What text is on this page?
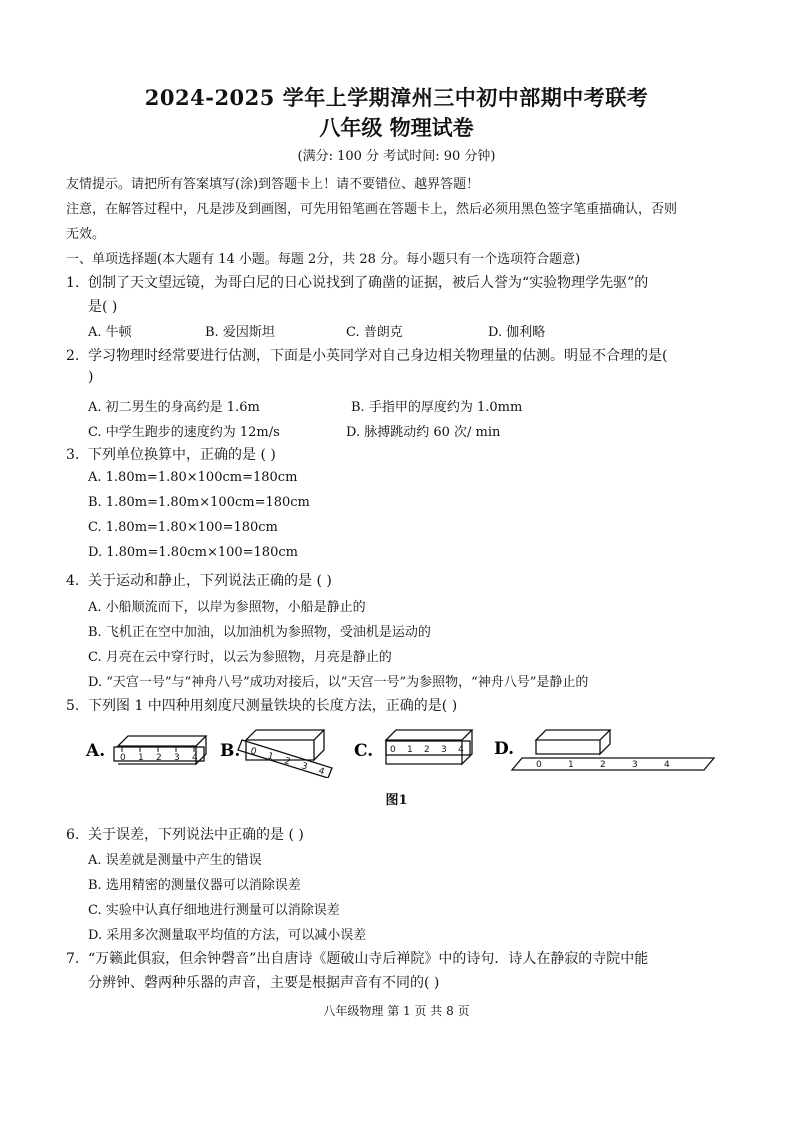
2024-2025 学年上学期漳州三中初中部期中考联考
八年级 物理试卷
(满分: 100 分 考试时间: 90 分钟)
友情提示。请把所有答案填写(涂)到答题卡上！请不要错位、越界答题！
注意，在解答过程中，凡是涉及到画图，可先用铅笔画在答题卡上，然后必须用黑色签字笔重描确认，否则
无效。
一、单项选择题(本大题有 14 小题。每题 2分，共 28 分。每小题只有一个选项符合题意)
1. 创制了天文望远镜，为哥白尼的日心说找到了确凿的证据，被后人誉为“实验物理学先驱”的
是( )
A. 牛顿	B. 爱因斯坦	C. 普朗克	D. 伽利略
2. 学习物理时经常要进行估测，下面是小英同学对自己身边相关物理量的估测。明显不合理的是(
)
A. 初二男生的身高约是 1.6m	B. 手指甲的厚度约为 1.0mm
C. 中学生跑步的速度约为 12m/s	D. 脉搏跳动约 60 次/ min
3. 下列单位换算中，正确的是 ( )
A. 1.80m=1.80×100cm=180cm
B. 1.80m=1.80m×100cm=180cm
C. 1.80m=1.80×100=180cm
D. 1.80m=1.80cm×100=180cm
4. 关于运动和静止，下列说法正确的是 ( )
A. 小船顺流而下，以岸为参照物，小船是静止的
B. 飞机正在空中加油，以加油机为参照物，受油机是运动的
C. 月亮在云中穿行时，以云为参照物，月亮是静止的
D. “天宫一号”与“神舟八号”成功对接后，以“天宫一号”为参照物，“神舟八号”是静止的
5. 下列图 1 中四种用刻度尺测量铁块的长度方法，正确的是( )
A. 0 1 2 3 4 B. 0 1 2 3 4
C. 0 1 2 3 4 D.
0	1	2	3	4
图1
6. 关于误差，下列说法中正确的是 ( )
A. 误差就是测量中产生的错误
B. 选用精密的测量仪器可以消除误差
C. 实验中认真仔细地进行测量可以消除误差
D. 采用多次测量取平均值的方法，可以减小误差
7. “万籁此俱寂，但余钟磬音”出自唐诗《题破山寺后禅院》中的诗句．诗人在静寂的寺院中能
分辨钟、磬两种乐器的声音，主要是根据声音有不同的( )
八年级物理 第 1 页 共 8 页
